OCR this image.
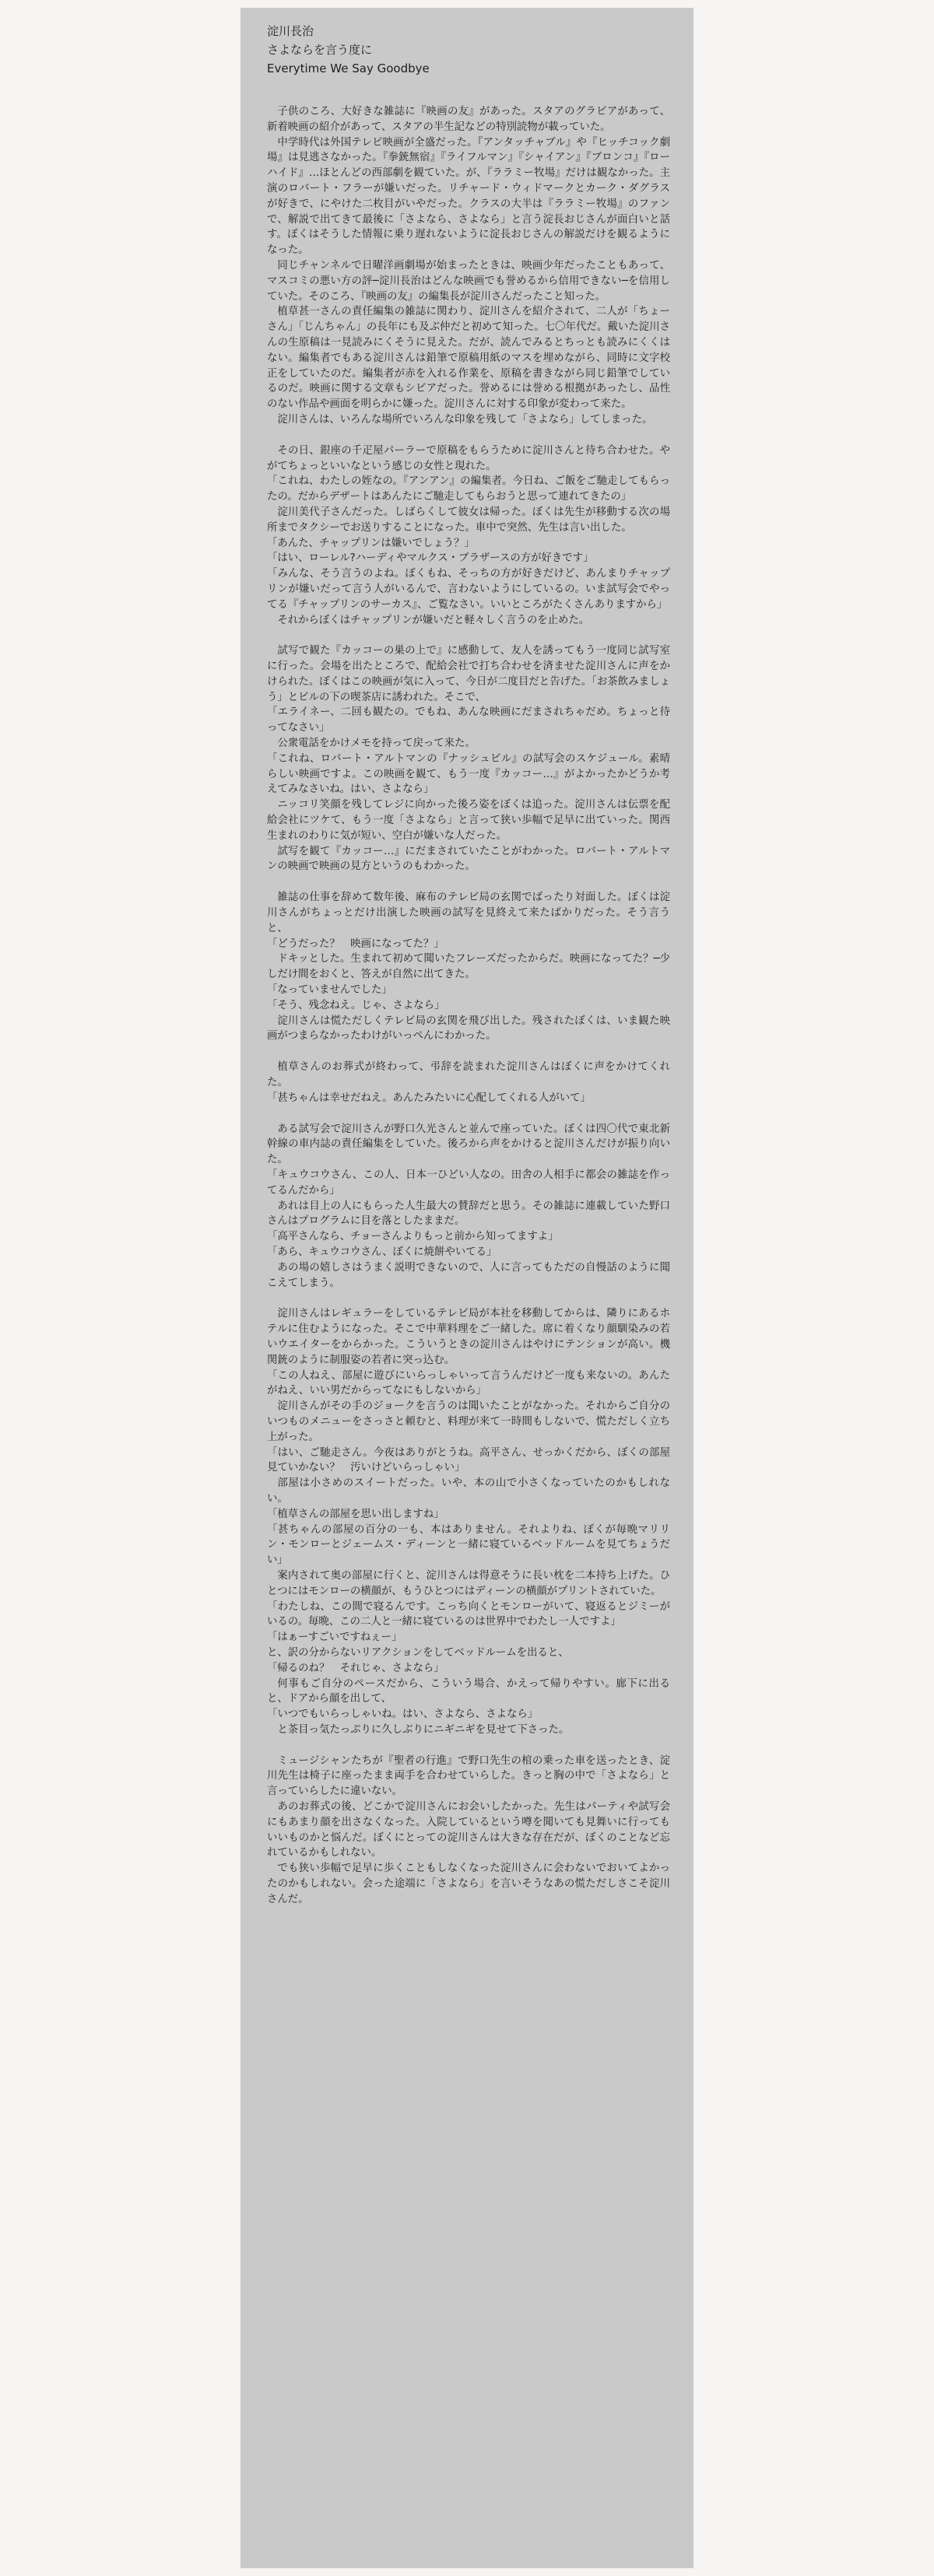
淀川長治

さよならを言う度に

Everytime We Say Goodbye

子供のころ、大好きな雑誌に『映画の友』があった。スタアのグラビアがあって、新着映画の紹介があって、スタアの半生記などの特別読物が載っていた。

中学時代は外国テレビ映画が全盛だった。『アンタッチャブル』や『ヒッチコック劇場』は見逃さなかった。『拳銃無宿』『ライフルマン』『シャイアン』『ブロンコ』『ローハイド』…ほとんどの西部劇を観ていた。が、『ララミー牧場』だけは観なかった。主演のロバート・フラーが嫌いだった。リチャード・ウィドマークとカーク・ダグラスが好きで、にやけた二枚目がいやだった。クラスの大半は『ララミー牧場』のファンで、解説で出てきて最後に「さよなら、さよなら」と言う淀長おじさんが面白いと話す。ぼくはそうした情報に乗り遅れないように淀長おじさんの解説だけを観るようになった。

同じチャンネルで日曜洋画劇場が始まったときは、映画少年だったこともあって、マスコミの悪い方の評─淀川長治はどんな映画でも誉めるから信用できない─を信用していた。そのころ、『映画の友』の編集長が淀川さんだったこと知った。

植草甚一さんの責任編集の雑誌に関わり、淀川さんを紹介されて、二人が「ちょーさん」「じんちゃん」の長年にも及ぶ仲だと初めて知った。七〇年代だ。戴いた淀川さんの生原稿は一見読みにくそうに見えた。だが、読んでみるとちっとも読みにくくはない。編集者でもある淀川さんは鉛筆で原稿用紙のマスを埋めながら、同時に文字校正をしていたのだ。編集者が赤を入れる作業を、原稿を書きながら同じ鉛筆でしているのだ。映画に関する文章もシビアだった。誉めるには誉める根拠があったし、品性のない作品や画面を明らかに嫌った。淀川さんに対する印象が変わって来た。

淀川さんは、いろんな場所でいろんな印象を残して「さよなら」してしまった。

その日、銀座の千疋屋パーラーで原稿をもらうために淀川さんと待ち合わせた。やがてちょっといいなという感じの女性と現れた。

「これね、わたしの姪なの。『アンアン』の編集者。今日ね、ご飯をご馳走してもらったの。だからデザートはあんたにご馳走してもらおうと思って連れてきたの」

淀川美代子さんだった。しばらくして彼女は帰った。ぼくは先生が移動する次の場所までタクシーでお送りすることになった。車中で突然、先生は言い出した。

「あんた、チャップリンは嫌いでしょう？」

「はい、ローレル?ハーディやマルクス・ブラザースの方が好きです」

「みんな、そう言うのよね。ぼくもね、そっちの方が好きだけど、あんまりチャップリンが嫌いだって言う人がいるんで、言わないようにしているの。いま試写会でやってる『チャップリンのサーカス』、ご覧なさい。いいところがたくさんありますから」

それからぼくはチャップリンが嫌いだと軽々しく言うのを止めた。

試写で観た『カッコーの巣の上で』に感動して、友人を誘ってもう一度同じ試写室に行った。会場を出たところで、配給会社で打ち合わせを済ませた淀川さんに声をかけられた。ぼくはこの映画が気に入って、今日が二度目だと告げた。「お茶飲みましょう」とビルの下の喫茶店に誘われた。そこで、

「エライネー、二回も観たの。でもね、あんな映画にだまされちゃだめ。ちょっと待ってなさい」

公衆電話をかけメモを持って戻って来た。

「これね、ロバート・アルトマンの『ナッシュビル』の試写会のスケジュール。素晴らしい映画ですよ。この映画を観て、もう一度『カッコー…』がよかったかどうか考えてみなさいね。はい、さよなら」

ニッコリ笑顔を残してレジに向かった後ろ姿をぼくは追った。淀川さんは伝票を配給会社にツケて、もう一度「さよなら」と言って狭い歩幅で足早に出ていった。関西生まれのわりに気が短い、空白が嫌いな人だった。

試写を観て『カッコー…』にだまされていたことがわかった。ロバート・アルトマンの映画で映画の見方というのもわかった。

雑誌の仕事を辞めて数年後、麻布のテレビ局の玄関でばったり対面した。ぼくは淀川さんがちょっとだけ出演した映画の試写を見終えて来たばかりだった。そう言うと、

「どうだった？　映画になってた？」

ドキッとした。生まれて初めて聞いたフレーズだったからだ。映画になってた？─少しだけ間をおくと、答えが自然に出てきた。

「なっていませんでした」

「そう、残念ねえ。じゃ、さよなら」

淀川さんは慌ただしくテレビ局の玄関を飛び出した。残されたぼくは、いま観た映画がつまらなかったわけがいっぺんにわかった。

植草さんのお葬式が終わって、弔辞を読まれた淀川さんはぼくに声をかけてくれた。

「甚ちゃんは幸せだねえ。あんたみたいに心配してくれる人がいて」

ある試写会で淀川さんが野口久光さんと並んで座っていた。ぼくは四〇代で東北新幹線の車内誌の責任編集をしていた。後ろから声をかけると淀川さんだけが振り向いた。

「キュウコウさん、この人、日本一ひどい人なの。田舎の人相手に都会の雑誌を作ってるんだから」

あれは目上の人にもらった人生最大の賛辞だと思う。その雑誌に連載していた野口さんはプログラムに目を落としたままだ。

「高平さんなら、チョーさんよりもっと前から知ってますよ」

「あら、キュウコウさん、ぼくに焼餅やいてる」

あの場の嬉しさはうまく説明できないので、人に言ってもただの自慢話のように聞こえてしまう。

淀川さんはレギュラーをしているテレビ局が本社を移動してからは、隣りにあるホテルに住むようになった。そこで中華料理をご一緒した。席に着くなり顔馴染みの若いウエイターをからかった。こういうときの淀川さんはやけにテンションが高い。機関銃のように制服姿の若者に突っ込む。

「この人ねえ、部屋に遊びにいらっしゃいって言うんだけど一度も来ないの。あんたがねえ、いい男だからってなにもしないから」

淀川さんがその手のジョークを言うのは聞いたことがなかった。それからご自分のいつものメニューをさっさと頼むと、料理が来て一時間もしないで、慌ただしく立ち上がった。

「はい、ご馳走さん。今夜はありがとうね。高平さん、せっかくだから、ぼくの部屋見ていかない？　汚いけどいらっしゃい」

部屋は小さめのスイートだった。いや、本の山で小さくなっていたのかもしれない。

「植草さんの部屋を思い出しますね」

「甚ちゃんの部屋の百分の一も、本はありません。それよりね、ぼくが毎晩マリリン・モンローとジェームス・ディーンと一緒に寝ているベッドルームを見てちょうだい」

案内されて奥の部屋に行くと、淀川さんは得意そうに長い枕を二本持ち上げた。ひとつにはモンローの横顔が、もうひとつにはディーンの横顔がプリントされていた。

「わたしね、この間で寝るんです。こっち向くとモンローがいて、寝返るとジミーがいるの。毎晩、この二人と一緒に寝ているのは世界中でわたし一人ですよ」

「はぁーすごいですねぇー」

と、訳の分からないリアクションをしてベッドルームを出ると、

「帰るのね？　それじゃ、さよなら」

何事もご自分のペースだから、こういう場合、かえって帰りやすい。廊下に出ると、ドアから顔を出して、

「いつでもいらっしゃいね。はい、さよなら、さよなら」

と茶目っ気たっぷりに久しぶりにニギニギを見せて下さった。

ミュージシャンたちが『聖者の行進』で野口先生の棺の乗った車を送ったとき、淀川先生は椅子に座ったまま両手を合わせていらした。きっと胸の中で「さよなら」と言っていらしたに違いない。

あのお葬式の後、どこかで淀川さんにお会いしたかった。先生はパーティや試写会にもあまり顔を出さなくなった。入院しているという噂を聞いても見舞いに行ってもいいものかと悩んだ。ぼくにとっての淀川さんは大きな存在だが、ぼくのことなど忘れているかもしれない。

でも狭い歩幅で足早に歩くこともしなくなった淀川さんに会わないでおいてよかったのかもしれない。会った途端に「さよなら」を言いそうなあの慌ただしさこそ淀川さんだ。
